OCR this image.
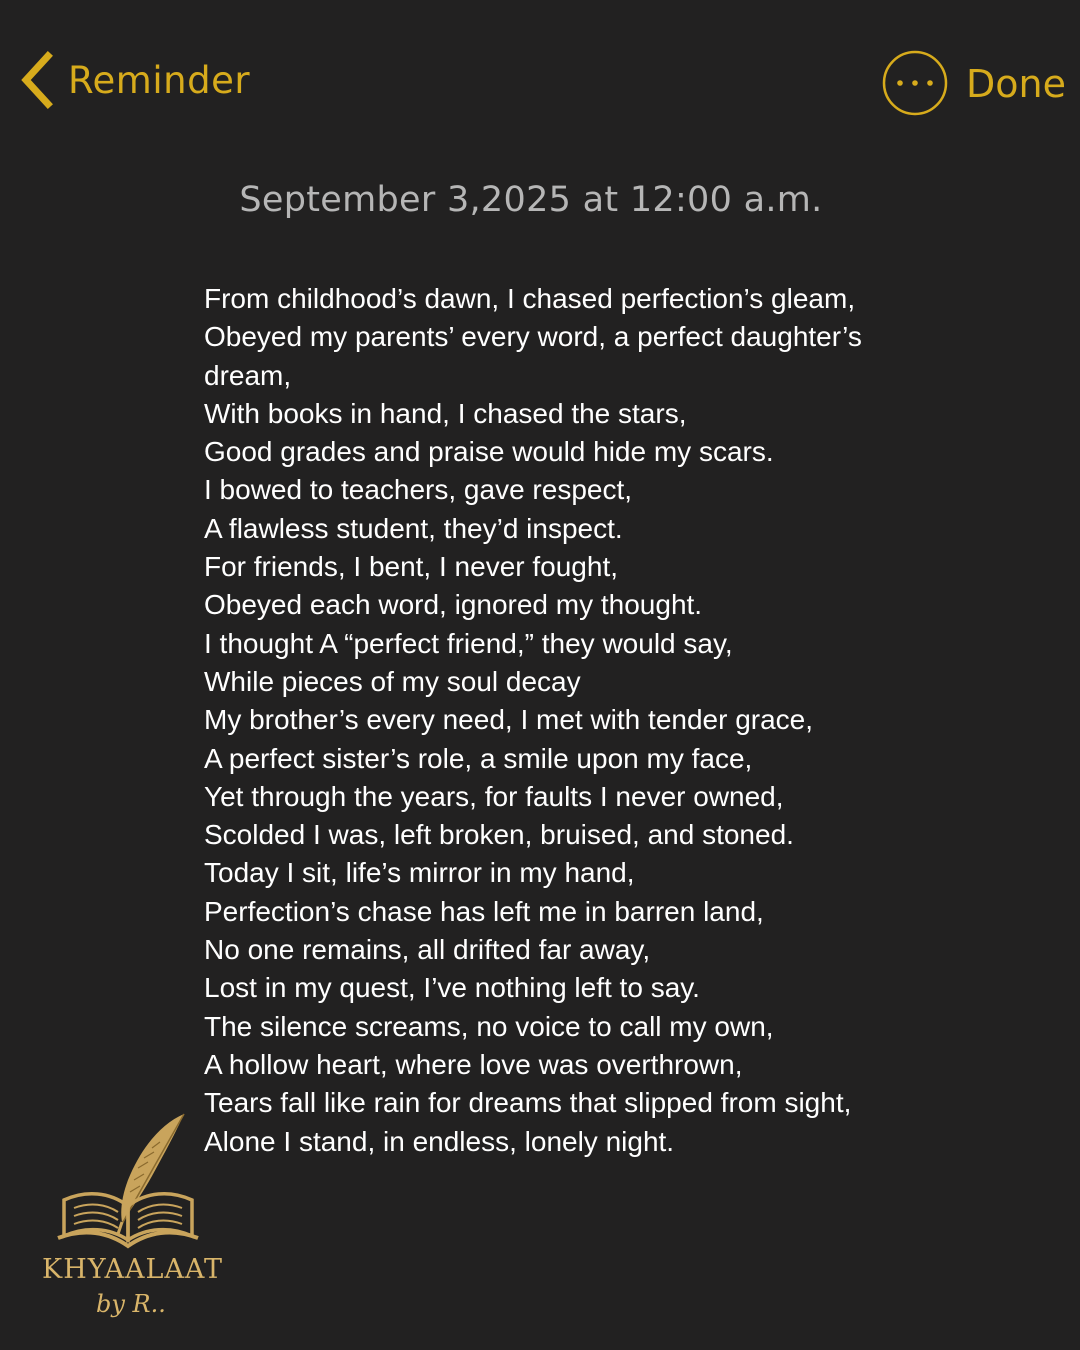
Reminder	Done
September 3,2025 at 12:00 a.m.
From childhood’s dawn, I chased perfection’s gleam,
Obeyed my parents’ every word, a perfect daughter’s
dream,
With books in hand, I chased the stars,
Good grades and praise would hide my scars.
I bowed to teachers, gave respect,
A flawless student, they’d inspect.
For friends, I bent, I never fought,
Obeyed each word, ignored my thought.
I thought A “perfect friend,” they would say,
While pieces of my soul decay
My brother’s every need, I met with tender grace,
A perfect sister’s role, a smile upon my face,
Yet through the years, for faults I never owned,
Scolded I was, left broken, bruised, and stoned.
Today I sit, life’s mirror in my hand,
Perfection’s chase has left me in barren land,
No one remains, all drifted far away,
Lost in my quest, I’ve nothing left to say.
The silence screams, no voice to call my own,
A hollow heart, where love was overthrown,
Tears fall like rain for dreams that slipped from sight,
Alone I stand, in endless, lonely night.
KHYAALAAT
by R..
